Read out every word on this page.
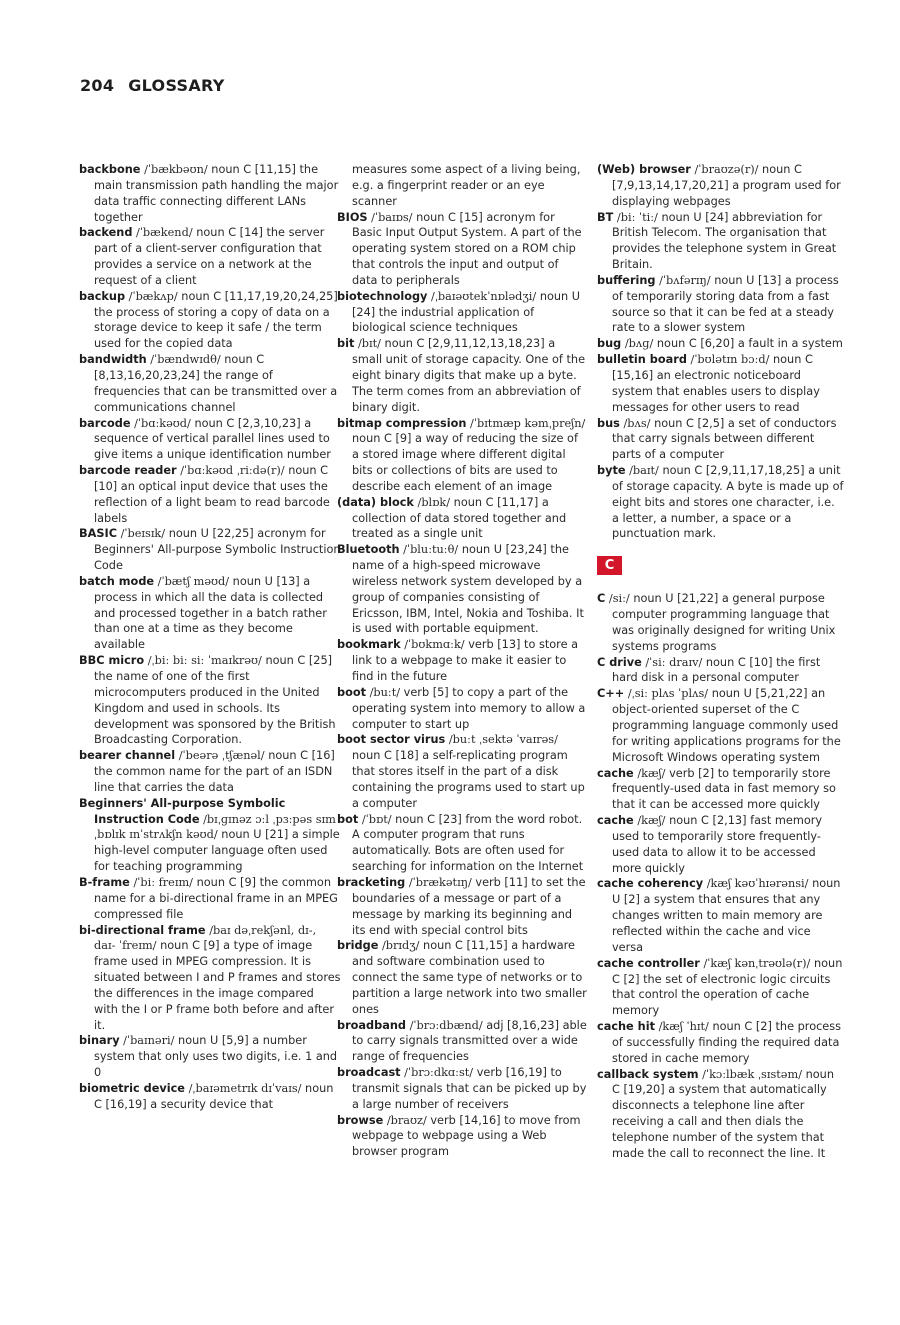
204 GLOSSARY

backbone /ˈbækbəʊn/ noun C [11,15] the main transmission path handling the major data traffic connecting different LANs together

backend /ˈbækend/ noun C [14] the server part of a client-server configuration that provides a service on a network at the request of a client

backup /ˈbækʌp/ noun C [11,17,19,20,24,25] the process of storing a copy of data on a storage device to keep it safe / the term used for the copied data

bandwidth /ˈbændwɪdθ/ noun C [8,13,16,20,23,24] the range of frequencies that can be transmitted over a communications channel

barcode /ˈbɑːkəʊd/ noun C [2,3,10,23] a sequence of vertical parallel lines used to give items a unique identification number

barcode reader /ˈbɑːkəʊd ˌriːdə(r)/ noun C [10] an optical input device that uses the reflection of a light beam to read barcode labels

BASIC /ˈbeɪsɪk/ noun U [22,25] acronym for Beginners' All-purpose Symbolic Instruction Code

batch mode /ˈbætʃ məʊd/ noun U [13] a process in which all the data is collected and processed together in a batch rather than one at a time as they become available

BBC micro /ˌbiː biː siː ˈmaɪkrəʊ/ noun C [25] the name of one of the first microcomputers produced in the United Kingdom and used in schools. Its development was sponsored by the British Broadcasting Corporation.

bearer channel /ˈbeərə ˌtʃænəl/ noun C [16] the common name for the part of an ISDN line that carries the data

Beginners' All-purpose Symbolic Instruction Code /bɪˌɡɪnəz ɔːl ˌpɜːpəs sɪmˌbɒlɪk ɪnˈstrʌkʃn kəʊd/ noun U [21] a simple high-level computer language often used for teaching programming

B-frame /ˈbiː freɪm/ noun C [9] the common name for a bi-directional frame in an MPEG compressed file

bi-directional frame /baɪ dəˌrekʃənl, dɪ-, daɪ- ˈfreɪm/ noun C [9] a type of image frame used in MPEG compression. It is situated between I and P frames and stores the differences in the image compared with the I or P frame both before and after it.

binary /ˈbaɪnəri/ noun U [5,9] a number system that only uses two digits, i.e. 1 and 0

biometric device /ˌbaɪəmetrɪk dɪˈvaɪs/ noun C [16,19] a security device that

measures some aspect of a living being, e.g. a fingerprint reader or an eye scanner

BIOS /ˈbaɪɒs/ noun C [15] acronym for Basic Input Output System. A part of the operating system stored on a ROM chip that controls the input and output of data to peripherals

biotechnology /ˌbaɪəʊtekˈnɒlədʒi/ noun U [24] the industrial application of biological science techniques

bit /bɪt/ noun C [2,9,11,12,13,18,23] a small unit of storage capacity. One of the eight binary digits that make up a byte. The term comes from an abbreviation of binary digit.

bitmap compression /ˈbɪtmæp kəmˌpreʃn/ noun C [9] a way of reducing the size of a stored image where different digital bits or collections of bits are used to describe each element of an image

(data) block /blɒk/ noun C [11,17] a collection of data stored together and treated as a single unit

Bluetooth /ˈbluːtuːθ/ noun U [23,24] the name of a high-speed microwave wireless network system developed by a group of companies consisting of Ericsson, IBM, Intel, Nokia and Toshiba. It is used with portable equipment.

bookmark /ˈbʊkmɑːk/ verb [13] to store a link to a webpage to make it easier to find in the future

boot /buːt/ verb [5] to copy a part of the operating system into memory to allow a computer to start up

boot sector virus /buːt ˌsektə ˈvaɪrəs/ noun C [18] a self-replicating program that stores itself in the part of a disk containing the programs used to start up a computer

bot /ˈbɒt/ noun C [23] from the word robot. A computer program that runs automatically. Bots are often used for searching for information on the Internet

bracketing /ˈbrækətɪŋ/ verb [11] to set the boundaries of a message or part of a message by marking its beginning and its end with special control bits

bridge /brɪdʒ/ noun C [11,15] a hardware and software combination used to connect the same type of networks or to partition a large network into two smaller ones

broadband /ˈbrɔːdbænd/ adj [8,16,23] able to carry signals transmitted over a wide range of frequencies

broadcast /ˈbrɔːdkɑːst/ verb [16,19] to transmit signals that can be picked up by a large number of receivers

browse /braʊz/ verb [14,16] to move from webpage to webpage using a Web browser program

(Web) browser /ˈbraʊzə(r)/ noun C [7,9,13,14,17,20,21] a program used for displaying webpages

BT /biː ˈtiː/ noun U [24] abbreviation for British Telecom. The organisation that provides the telephone system in Great Britain.

buffering /ˈbʌfərɪŋ/ noun U [13] a process of temporarily storing data from a fast source so that it can be fed at a steady rate to a slower system

bug /bʌɡ/ noun C [6,20] a fault in a system

bulletin board /ˈbʊlətɪn bɔːd/ noun C [15,16] an electronic noticeboard system that enables users to display messages for other users to read

bus /bʌs/ noun C [2,5] a set of conductors that carry signals between different parts of a computer

byte /baɪt/ noun C [2,9,11,17,18,25] a unit of storage capacity. A byte is made up of eight bits and stores one character, i.e. a letter, a number, a space or a punctuation mark.

C

C /siː/ noun U [21,22] a general purpose computer programming language that was originally designed for writing Unix systems programs

C drive /ˈsiː draɪv/ noun C [10] the first hard disk in a personal computer

C++ /ˌsiː plʌs ˈplʌs/ noun U [5,21,22] an object-oriented superset of the C programming language commonly used for writing applications programs for the Microsoft Windows operating system

cache /kæʃ/ verb [2] to temporarily store frequently-used data in fast memory so that it can be accessed more quickly

cache /kæʃ/ noun C [2,13] fast memory used to temporarily store frequently-used data to allow it to be accessed more quickly

cache coherency /kæʃ kəʊˈhɪərənsi/ noun U [2] a system that ensures that any changes written to main memory are reflected within the cache and vice versa

cache controller /ˈkæʃ kənˌtrəʊlə(r)/ noun C [2] the set of electronic logic circuits that control the operation of cache memory

cache hit /kæʃ ˈhɪt/ noun C [2] the process of successfully finding the required data stored in cache memory

callback system /ˈkɔːlbæk ˌsɪstəm/ noun C [19,20] a system that automatically disconnects a telephone line after receiving a call and then dials the telephone number of the system that made the call to reconnect the line. It
